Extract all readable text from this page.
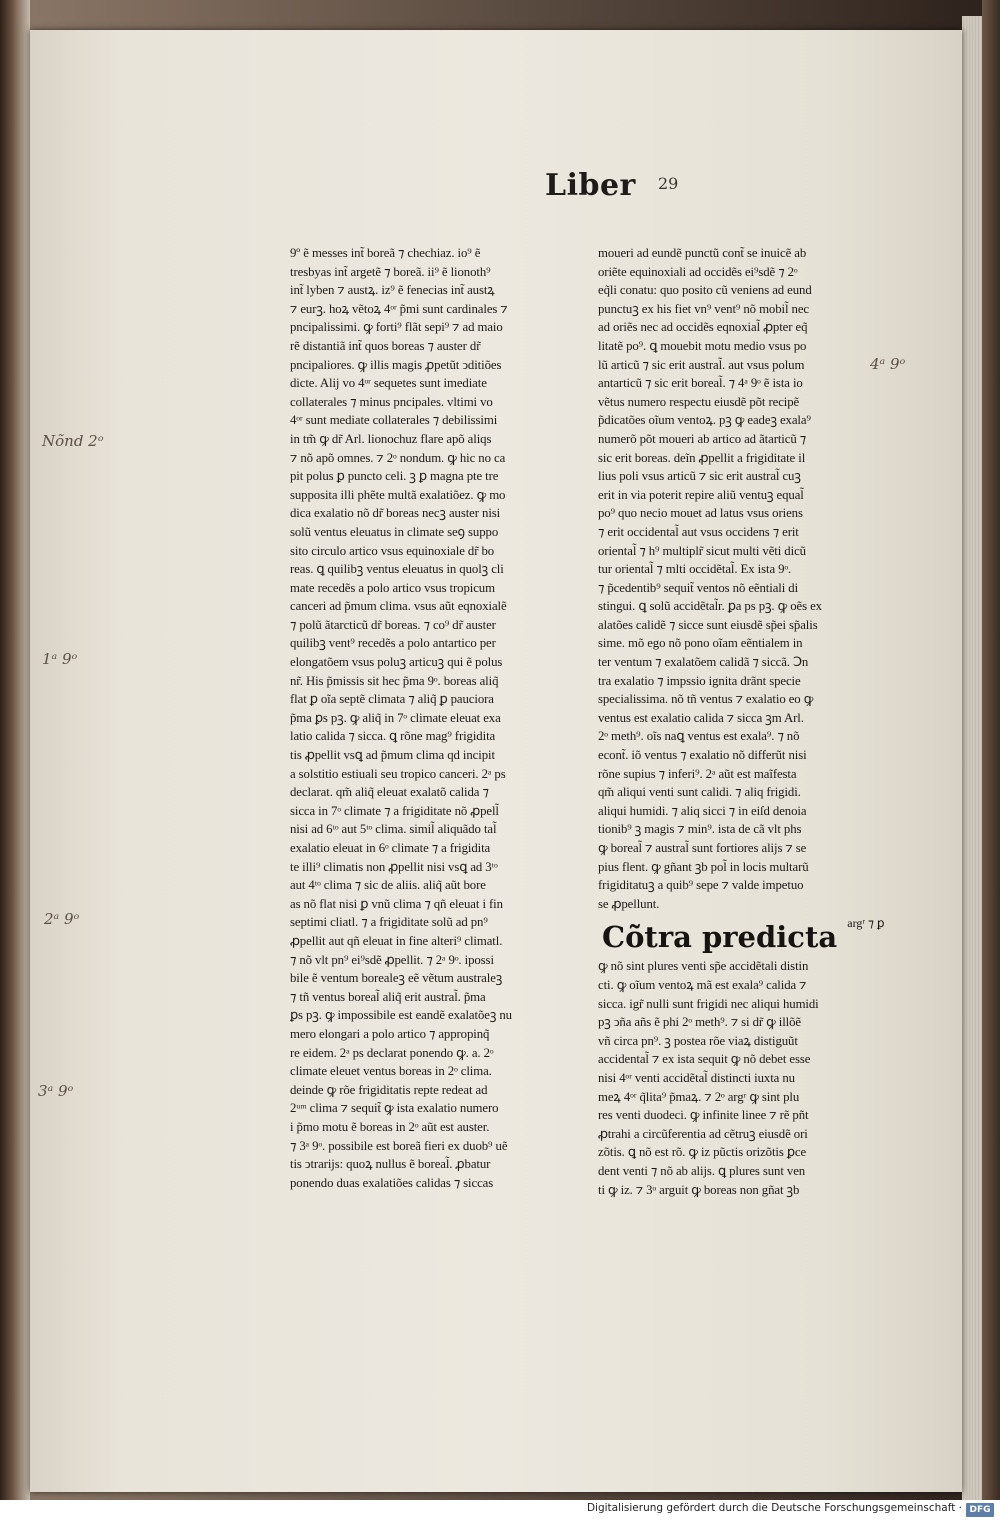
Liber 29
9º ẽ messes int̃ boreã ⁊ chechiaz. io⁹ ẽ
tresbyas int̃ argetẽ ⁊ boreã. ii⁹ ẽ lionoth⁹
int̃ lyben ⁊ austꝝ. iz⁹ ẽ fenecias int̃ austꝝ
⁊ eurꝫ. hoꝝ vẽtoꝝ 4ᵒʳ p̃mi sunt cardinales ⁊
pncipalissimi. ꝙ forti⁹ flãt sepi⁹ ⁊ ad maio
rẽ distantiã int̃ quos boreas ⁊ auster dr̃
pncipaliores. ꝙ illis magis ꝓpetũt ↄditiões
dicte. Alij vo 4ᵒʳ sequetes sunt imediate
collaterales ⁊ minus pncipales. vltimi vo
4ᵒʳ sunt mediate collaterales ⁊ debilissimi
in tm̃ ꝙ dr̃ Arl. lionochuz flare apõ aliqs
⁊ nõ apõ omnes. ⁊ 2ᵒ nondum. ꝙ hic no ca
pit polus ꝑ puncto celi. ꝫ ꝑ magna pte tre
supposita illi phẽte multã exalatiõez. ꝙ mo
dica exalatio nõ dr̃ boreas necꝫ auster nisi
solũ ventus eleuatus in climate seꝯ suppo
sito circulo artico vsus equinoxiale dr̃ bo
reas. ꝗ quilibꝫ ventus eleuatus in quolꝫ cli
mate recedẽs a polo artico vsus tropicum
canceri ad p̃mum clima. vsus aũt eqnoxialẽ
⁊ polũ ãtarcticũ dr̃ boreas. ⁊ co⁹ dr̃ auster
quilibꝫ vent⁹ recedẽs a polo antartico per
elongatõem vsus poluꝫ articuꝫ qui ẽ polus
nr̃. His p̃missis sit hec p̃ma 9ᵒ. boreas aliq̃
flat ꝑ oĩa septẽ climata ⁊ aliq̃ ꝑ pauciora
p̃ma ꝑs pꝫ. ꝙ aliq̃ in 7ᵒ climate eleuat exa
latio calida ⁊ sicca. ꝗ rõne mag⁹ frigidita
tis ꝓpellit vsꝗ ad p̃mum clima qd incipit
a solstitio estiuali seu tropico canceri. 2ᵃ ps
declarat. qm̃ aliq̃ eleuat exalatõ calida ⁊
sicca in 7ᵒ climate ⁊ a frigiditate nõ ꝓpell̃
nisi ad 6ᵗᵒ aut 5ᵗᵒ clima. simil̃ aliquãdo tal̃
exalatio eleuat in 6ᵒ climate ⁊ a frigidita
te illi⁹ climatis non ꝓpellit nisi vsꝗ ad 3ᵗᵒ
aut 4ᵗᵒ clima ⁊ sic de aliis. aliq̃ aũt bore
as nõ flat nisi ꝑ vnũ clima ⁊ qñ eleuat i fin
septimi cliatl. ⁊ a frigiditate solũ ad pn⁹
ꝓpellit aut qñ eleuat in fine alteri⁹ climatl.
⁊ nõ vlt pn⁹ ei⁹sdẽ ꝓpellit. ⁊ 2ᵃ 9ᵒ. ipossi
bile ẽ ventum borealeꝫ eẽ vẽtum australeꝫ
⁊ tñ ventus boreal̃ aliq̃ erit austral̃. p̃ma
ꝑs pꝫ. ꝙ impossibile est eandẽ exalatõeꝫ nu
mero elongari a polo artico ⁊ appropinq̃
re eidem. 2ᵃ ps declarat ponendo ꝙ. a. 2ᵒ
climate eleuet ventus boreas in 2ᵒ clima.
deinde ꝙ rõe frigiditatis repte redeat ad
2ᵘᵐ clima ⁊ sequit̃ ꝙ ista exalatio numero
i p̃mo motu ẽ boreas in 2ᵒ aũt est auster.
⁊ 3ᵃ 9ᵒ. possibile est boreã fieri ex duob⁹ uẽ
tis ↄtrarijs: quoꝝ nullus ẽ boreal̃. ꝓbatur
ponendo duas exalatiões calidas ⁊ siccas
moueri ad eundẽ punctũ cont̃ se inuicẽ ab
oriẽte equinoxiali ad occidẽs ei⁹sdẽ ⁊ 2ᵒ
eq̃li conatu: quo posito cũ veniens ad eund
punctuꝫ ex his fiet vn⁹ vent⁹ nõ mobil̃ nec
ad oriẽs nec ad occidẽs eqnoxial̃ ꝓpter eq̃
litatẽ po⁹. ꝗ mouebit motu medio vsus po
lũ articũ ⁊ sic erit austral̃. aut vsus polum
antarticũ ⁊ sic erit boreal̃. ⁊ 4ᵃ 9ᵒ ẽ ista io
vẽtus numero respectu eiusdẽ põt recipẽ
p̃dicatões oĩum ventoꝝ. pꝫ ꝙ eadeꝫ exala⁹
numerõ põt moueri ab artico ad ãtarticũ ⁊
sic erit boreas. deĩn ꝓpellit a frigiditate il
lius poli vsus articũ ⁊ sic erit austral̃ cuꝫ
erit in via poterit repire aliũ ventuꝫ equal̃
po⁹ quo necio mouet ad latus vsus oriens
⁊ erit occidental̃ aut vsus occidens ⁊ erit
oriental̃ ⁊ h⁹ multiplr̃ sicut multi vẽti dicũ
tur oriental̃ ⁊ mlti occidẽtal̃. Ex ista 9ᵒ.
⁊ p̃cedentib⁹ sequit̃ ventos nõ eẽntiali di
stingui. ꝗ solũ accidẽtal̃r. ꝑa ps pꝫ. ꝙ oẽs ex
alatões calidẽ ⁊ sicce sunt eiusdẽ sp̃ei sp̃alis
sime. mõ ego nõ pono oĩam eẽntialem in
ter ventum ⁊ exalatõem calidã ⁊ siccã. Ↄn
tra exalatio ⁊ impssio ignita drãnt specie
specialissima. nõ tñ ventus ⁊ exalatio eo ꝙ
ventus est exalatio calida ⁊ sicca ꝫm Arl.
2ᵒ meth⁹. oĩs naꝗ ventus est exala⁹. ⁊ nõ
econt̃. iõ ventus ⁊ exalatio nõ differũt nisi
rõne supius ⁊ inferi⁹. 2ᵃ aũt est maĩfesta
qm̃ aliqui venti sunt calidi. ⁊ aliq frigidi.
aliqui humidi. ⁊ aliq sicci ⁊ in eiſd denoia
tionib⁹ ꝫ magis ⁊ min⁹. ista de cã vlt phs
ꝙ boreal̃ ⁊ austral̃ sunt fortiores alijs ⁊ se
pius flent. ꝙ gñant ꝫb pol̃ in locis multarũ
frigiditatuꝫ a quib⁹ sepe ⁊ valde impetuo
se ꝓpellunt.
Cõtra predicta $^{argʳ ⁊ ꝑ}$
ꝙ nõ sint plures venti sp̃e accidẽtali distin
cti. ꝙ oĩum ventoꝝ mã est exala⁹ calida ⁊
sicca. igr̃ nulli sunt frigidi nec aliqui humidi
pꝫ ↄña añs ẽ phi 2ᵒ meth⁹. ⁊ si dr̃ ꝙ illõẽ
vñ circa pn⁹. ꝫ postea rõe viaꝝ distiguũt
accidental̃ ⁊ ex ista sequit ꝙ nõ debet esse
nisi 4ᵒʳ venti accidẽtal̃ distincti iuxta nu
meꝝ 4ᵒʳ q̃lita⁹ p̃maꝝ. ⁊ 2ᵒ argʳ ꝙ sint plu
res venti duodeci. ꝙ infinite linee ⁊ rẽ pñt
ꝓtrahi a circũferentia ad cẽtruꝫ eiusdẽ ori
zõtis. ꝗ nõ est rõ. ꝙ iz pũctis orizõtis ꝑce
dent venti ⁊ nõ ab alijs. ꝗ plures sunt ven
ti ꝙ iz. ⁊ 3ᵒ arguit ꝙ boreas non gñat ꝫb
4ᵃ 9ᵒ
Nõnd 2ᵒ
1ᵃ 9ᵒ
2ᵃ 9ᵒ
3ᵃ 9ᵒ
Digitalisierung gefördert durch die Deutsche Forschungsgemeinschaft · DFG
